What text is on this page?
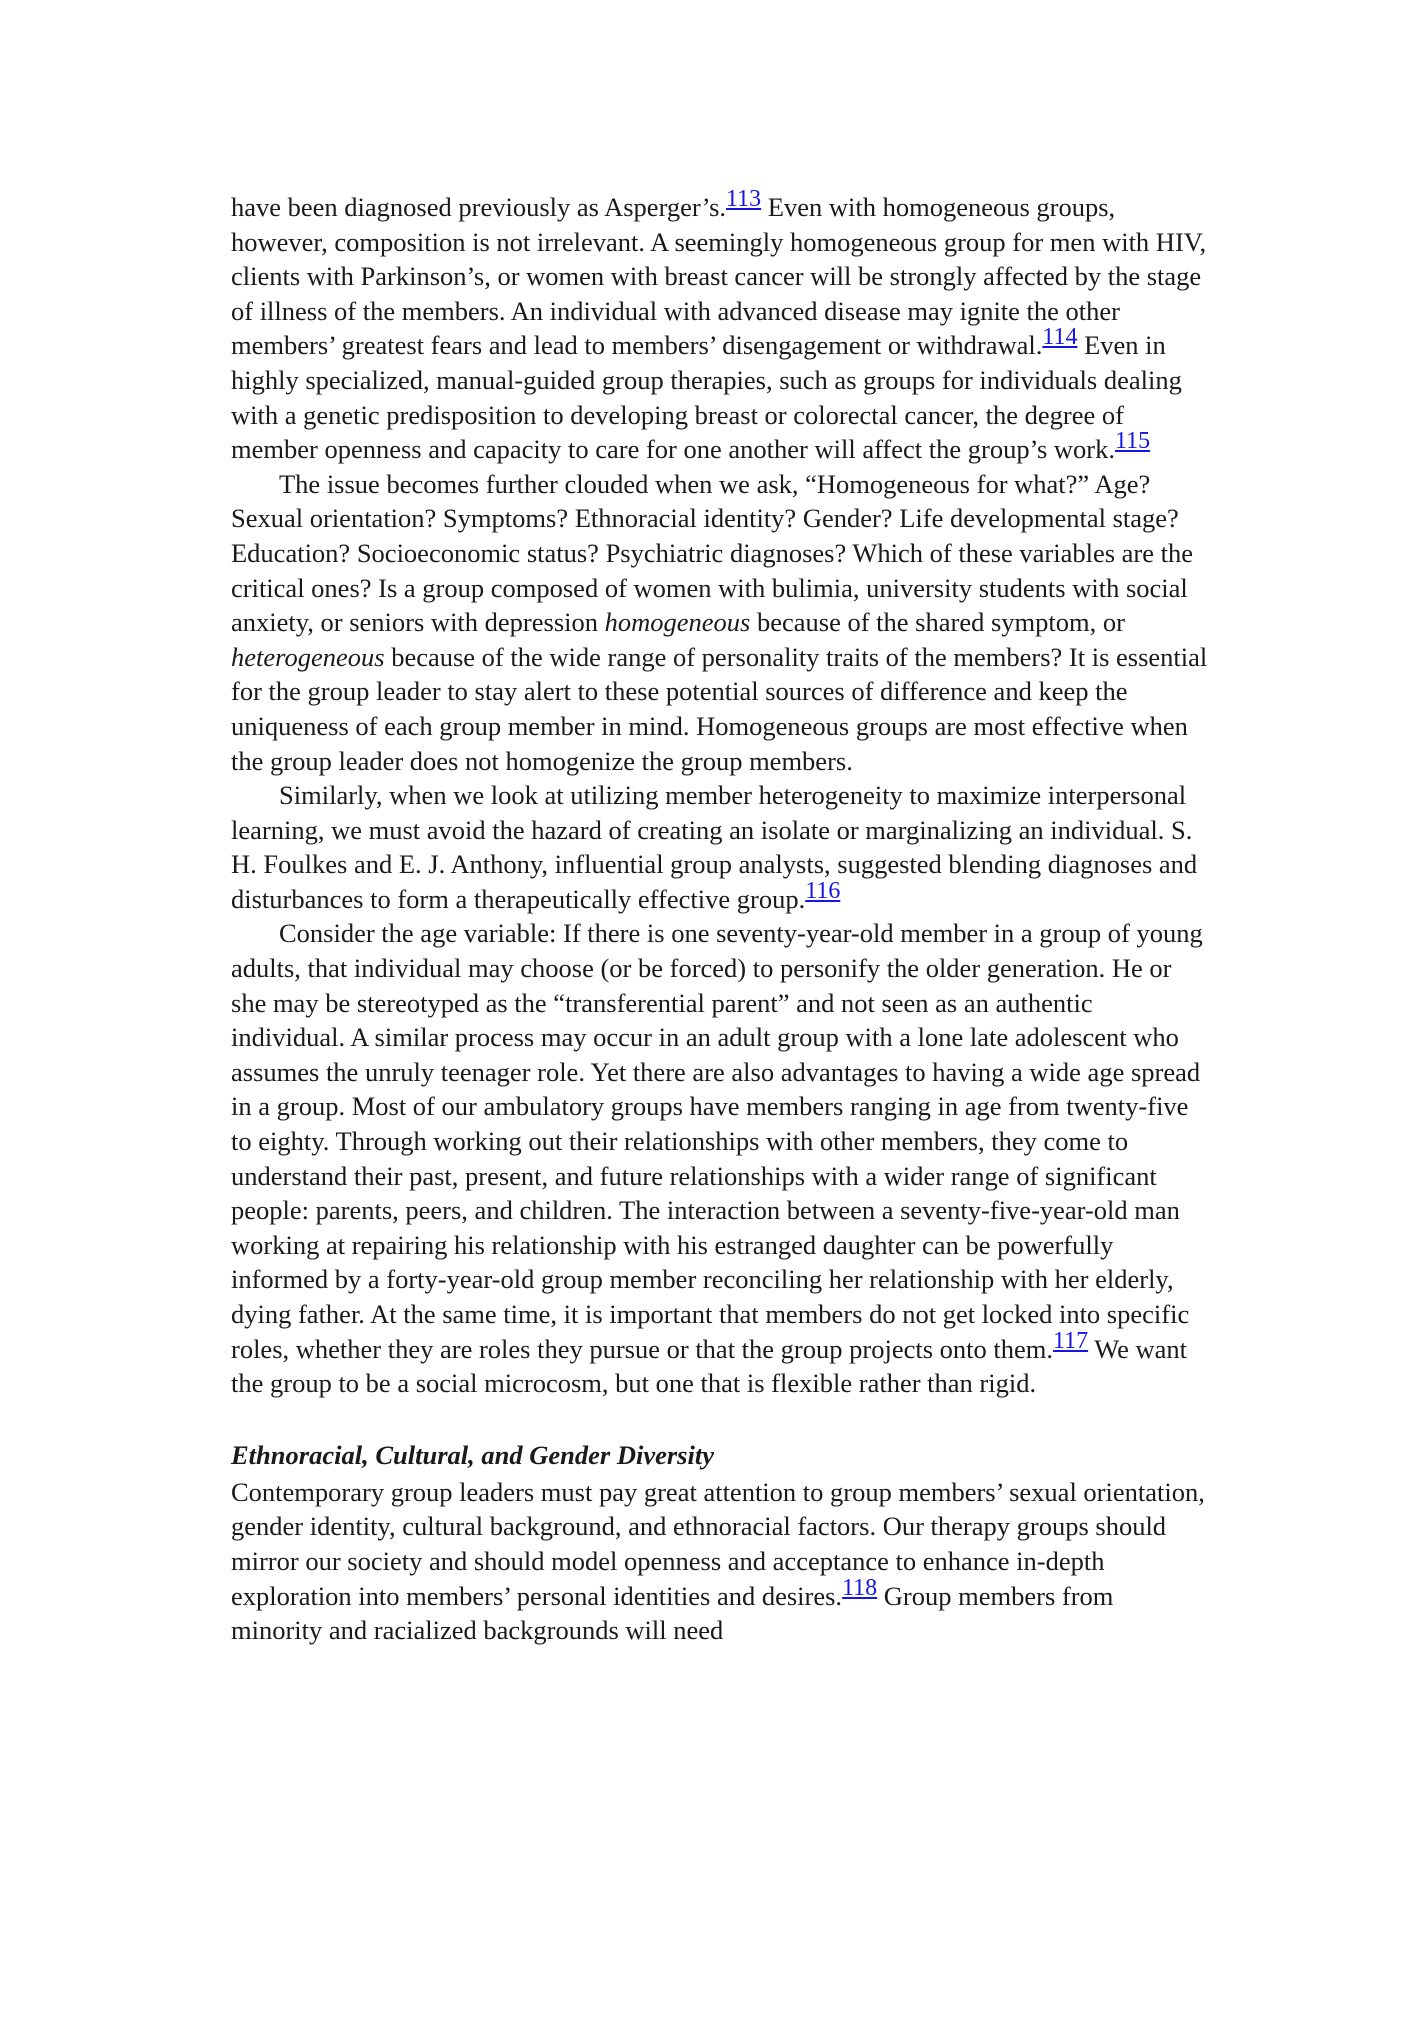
have been diagnosed previously as Asperger’s.113 Even with homogeneous groups, however, composition is not irrelevant. A seemingly homogeneous group for men with HIV, clients with Parkinson’s, or women with breast cancer will be strongly affected by the stage of illness of the members. An individual with advanced disease may ignite the other members’ greatest fears and lead to members’ disengagement or withdrawal.114 Even in highly specialized, manual-guided group therapies, such as groups for individuals dealing with a genetic predisposition to developing breast or colorectal cancer, the degree of member openness and capacity to care for one another will affect the group’s work.115

The issue becomes further clouded when we ask, “Homogeneous for what?” Age? Sexual orientation? Symptoms? Ethnoracial identity? Gender? Life developmental stage? Education? Socioeconomic status? Psychiatric diagnoses? Which of these variables are the critical ones? Is a group composed of women with bulimia, university students with social anxiety, or seniors with depression homogeneous because of the shared symptom, or heterogeneous because of the wide range of personality traits of the members? It is essential for the group leader to stay alert to these potential sources of difference and keep the uniqueness of each group member in mind. Homogeneous groups are most effective when the group leader does not homogenize the group members.

Similarly, when we look at utilizing member heterogeneity to maximize interpersonal learning, we must avoid the hazard of creating an isolate or marginalizing an individual. S. H. Foulkes and E. J. Anthony, influential group analysts, suggested blending diagnoses and disturbances to form a therapeutically effective group.116

Consider the age variable: If there is one seventy-year-old member in a group of young adults, that individual may choose (or be forced) to personify the older generation. He or she may be stereotyped as the “transferential parent” and not seen as an authentic individual. A similar process may occur in an adult group with a lone late adolescent who assumes the unruly teenager role. Yet there are also advantages to having a wide age spread in a group. Most of our ambulatory groups have members ranging in age from twenty-five to eighty. Through working out their relationships with other members, they come to understand their past, present, and future relationships with a wider range of significant people: parents, peers, and children. The interaction between a seventy-five-year-old man working at repairing his relationship with his estranged daughter can be powerfully informed by a forty-year-old group member reconciling her relationship with her elderly, dying father. At the same time, it is important that members do not get locked into specific roles, whether they are roles they pursue or that the group projects onto them.117 We want the group to be a social microcosm, but one that is flexible rather than rigid.

Ethnoracial, Cultural, and Gender Diversity

Contemporary group leaders must pay great attention to group members’ sexual orientation, gender identity, cultural background, and ethnoracial factors. Our therapy groups should mirror our society and should model openness and acceptance to enhance in-depth exploration into members’ personal identities and desires.118 Group members from minority and racialized backgrounds will need
